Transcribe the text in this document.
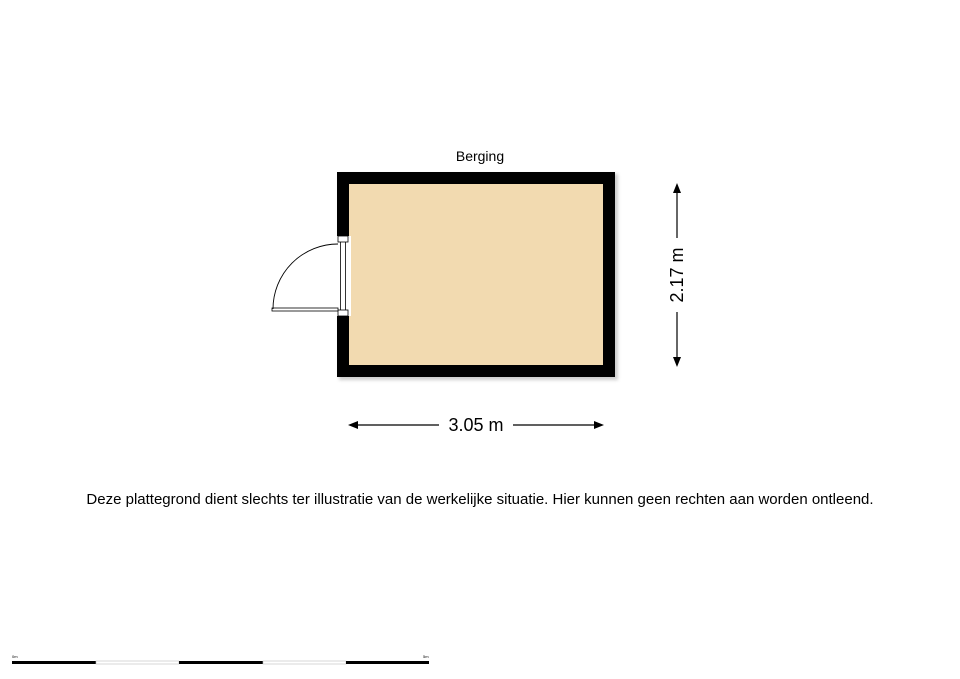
Berging
3.05 m
2.17 m
0m	5m
Deze plattegrond dient slechts ter illustratie van de werkelijke situatie. Hier kunnen geen rechten aan worden ontleend.
